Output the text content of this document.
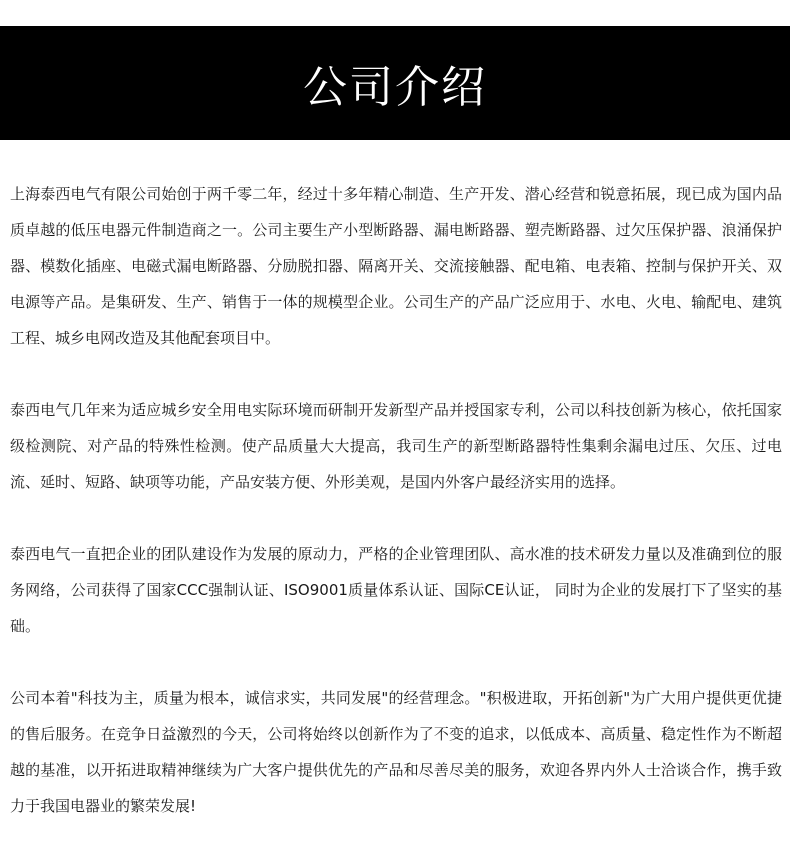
公司介绍

上海泰西电气有限公司始创于两千零二年，经过十多年精心制造、生产开发、潜心经营和锐意拓展，现已成为国内品质卓越的低压电器元件制造商之一。公司主要生产小型断路器、漏电断路器、塑壳断路器、过欠压保护器、浪涌保护器、模数化插座、电磁式漏电断路器、分励脱扣器、隔离开关、交流接触器、配电箱、电表箱、控制与保护开关、双电源等产品。是集研发、生产、销售于一体的规模型企业。公司生产的产品广泛应用于、水电、火电、输配电、建筑工程、城乡电网改造及其他配套项目中。

泰西电气几年来为适应城乡安全用电实际环境而研制开发新型产品并授国家专利，公司以科技创新为核心，依托国家级检测院、对产品的特殊性检测。使产品质量大大提高，我司生产的新型断路器特性集剩余漏电过压、欠压、过电流、延时、短路、缺项等功能，产品安装方便、外形美观，是国内外客户最经济实用的选择。

泰西电气一直把企业的团队建设作为发展的原动力，严格的企业管理团队、高水准的技术研发力量以及准确到位的服务网络，公司获得了国家CCC强制认证、ISO9001质量体系认证、国际CE认证， 同时为企业的发展打下了坚实的基础。

公司本着"科技为主，质量为根本，诚信求实，共同发展"的经营理念。"积极进取，开拓创新"为广大用户提供更优捷的售后服务。在竞争日益激烈的今天，公司将始终以创新作为了不变的追求，以低成本、高质量、稳定性作为不断超越的基准，以开拓进取精神继续为广大客户提供优先的产品和尽善尽美的服务，欢迎各界内外人士洽谈合作，携手致力于我国电器业的繁荣发展!
